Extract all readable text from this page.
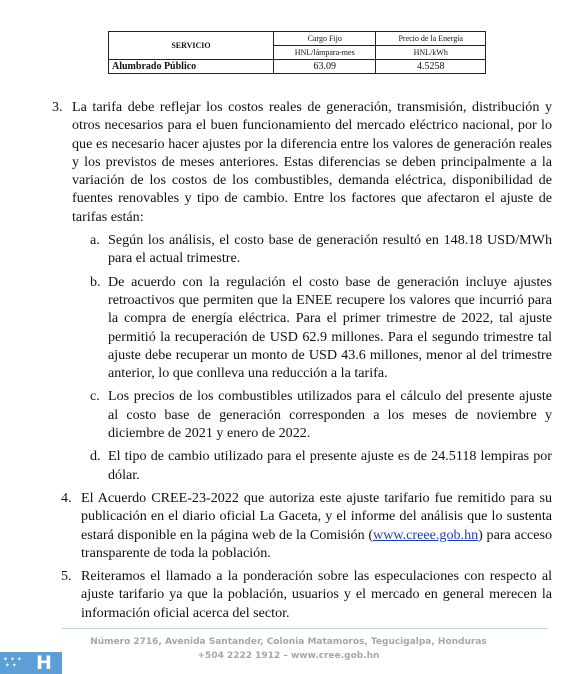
SERVICIO	Cargo Fijo	Precio de la Energía
	HNL/lámpara-mes	HNL/kWh
Alumbrado Público	63.09	4.5258
3. La tarifa debe reflejar los costos reales de generación, transmisión, distribución y otros necesarios para el buen funcionamiento del mercado eléctrico nacional, por lo que es necesario hacer ajustes por la diferencia entre los valores de generación reales y los previstos de meses anteriores. Estas diferencias se deben principalmente a la variación de los costos de los combustibles, demanda eléctrica, disponibilidad de fuentes renovables y tipo de cambio. Entre los factores que afectaron el ajuste de tarifas están:
a. Según los análisis, el costo base de generación resultó en 148.18 USD/MWh para el actual trimestre.
b. De acuerdo con la regulación el costo base de generación incluye ajustes retroactivos que permiten que la ENEE recupere los valores que incurrió para la compra de energía eléctrica. Para el primer trimestre de 2022, tal ajuste permitió la recuperación de USD 62.9 millones. Para el segundo trimestre tal ajuste debe recuperar un monto de USD 43.6 millones, menor al del trimestre anterior, lo que conlleva una reducción a la tarifa.
c. Los precios de los combustibles utilizados para el cálculo del presente ajuste al costo base de generación corresponden a los meses de noviembre y diciembre de 2021 y enero de 2022.
d. El tipo de cambio utilizado para el presente ajuste es de 24.5118 lempiras por dólar.
4. El Acuerdo CREE-23-2022 que autoriza este ajuste tarifario fue remitido para su publicación en el diario oficial La Gaceta, y el informe del análisis que lo sustenta estará disponible en la página web de la Comisión (www.creee.gob.hn) para acceso transparente de toda la población.
5. Reiteramos el llamado a la ponderación sobre las especulaciones con respecto al ajuste tarifario ya que la población, usuarios y el mercado en general merecen la información oficial acerca del sector.
Número 2716, Avenida Santander, Colonia Matamoros, Tegucigalpa, Honduras
+504 2222 1912 – www.cree.gob.hn
✦ ✦ ✦
✦ ✦ H
